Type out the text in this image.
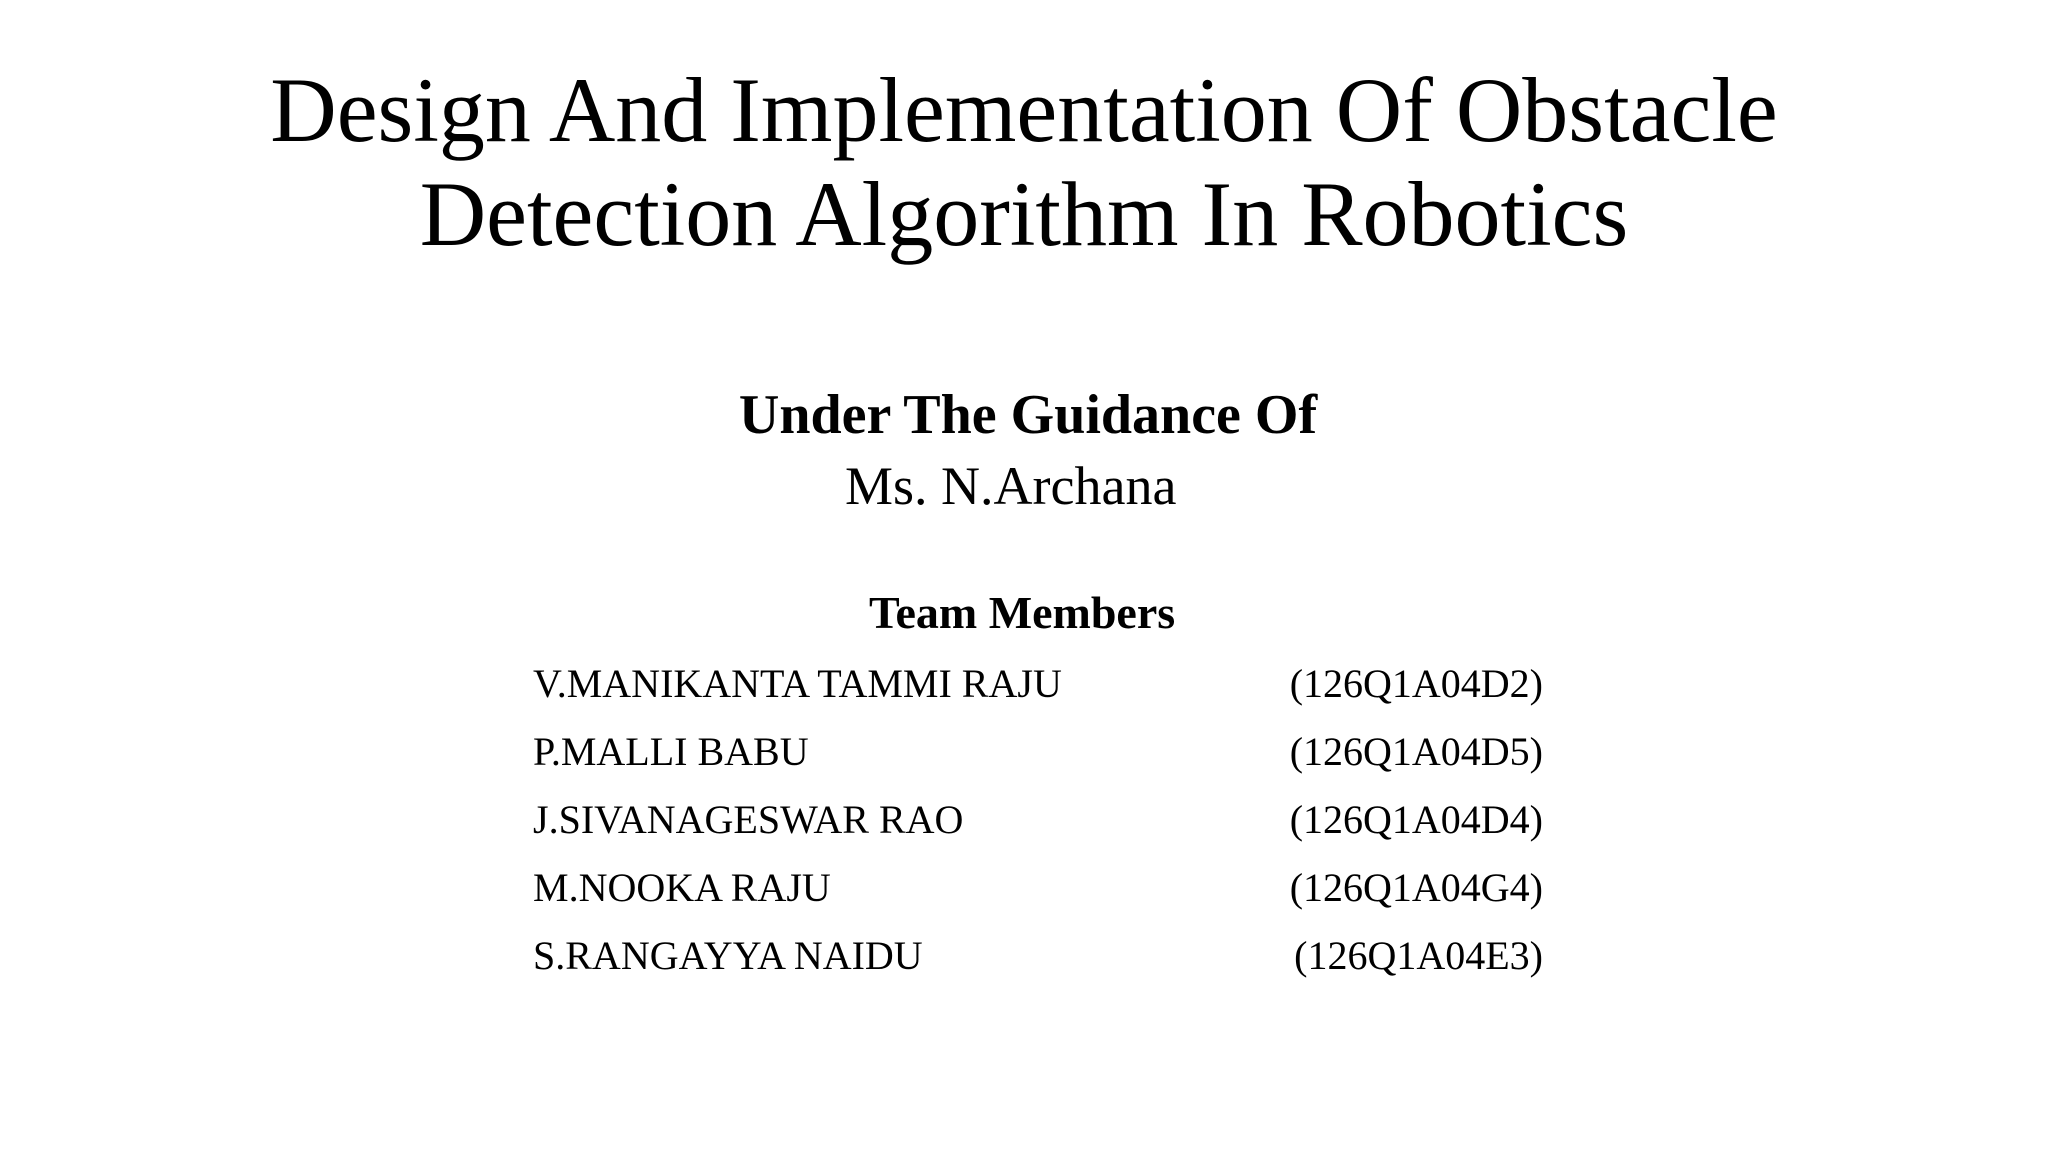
Design And Implementation Of Obstacle
Detection Algorithm In Robotics
Under The Guidance Of
Ms. N.Archana
Team Members
V.MANIKANTA TAMMI RAJU	(126Q1A04D2)
P.MALLI BABU	(126Q1A04D5)
J.SIVANAGESWAR RAO	(126Q1A04D4)
M.NOOKA RAJU	(126Q1A04G4)
S.RANGAYYA NAIDU	(126Q1A04E3)
